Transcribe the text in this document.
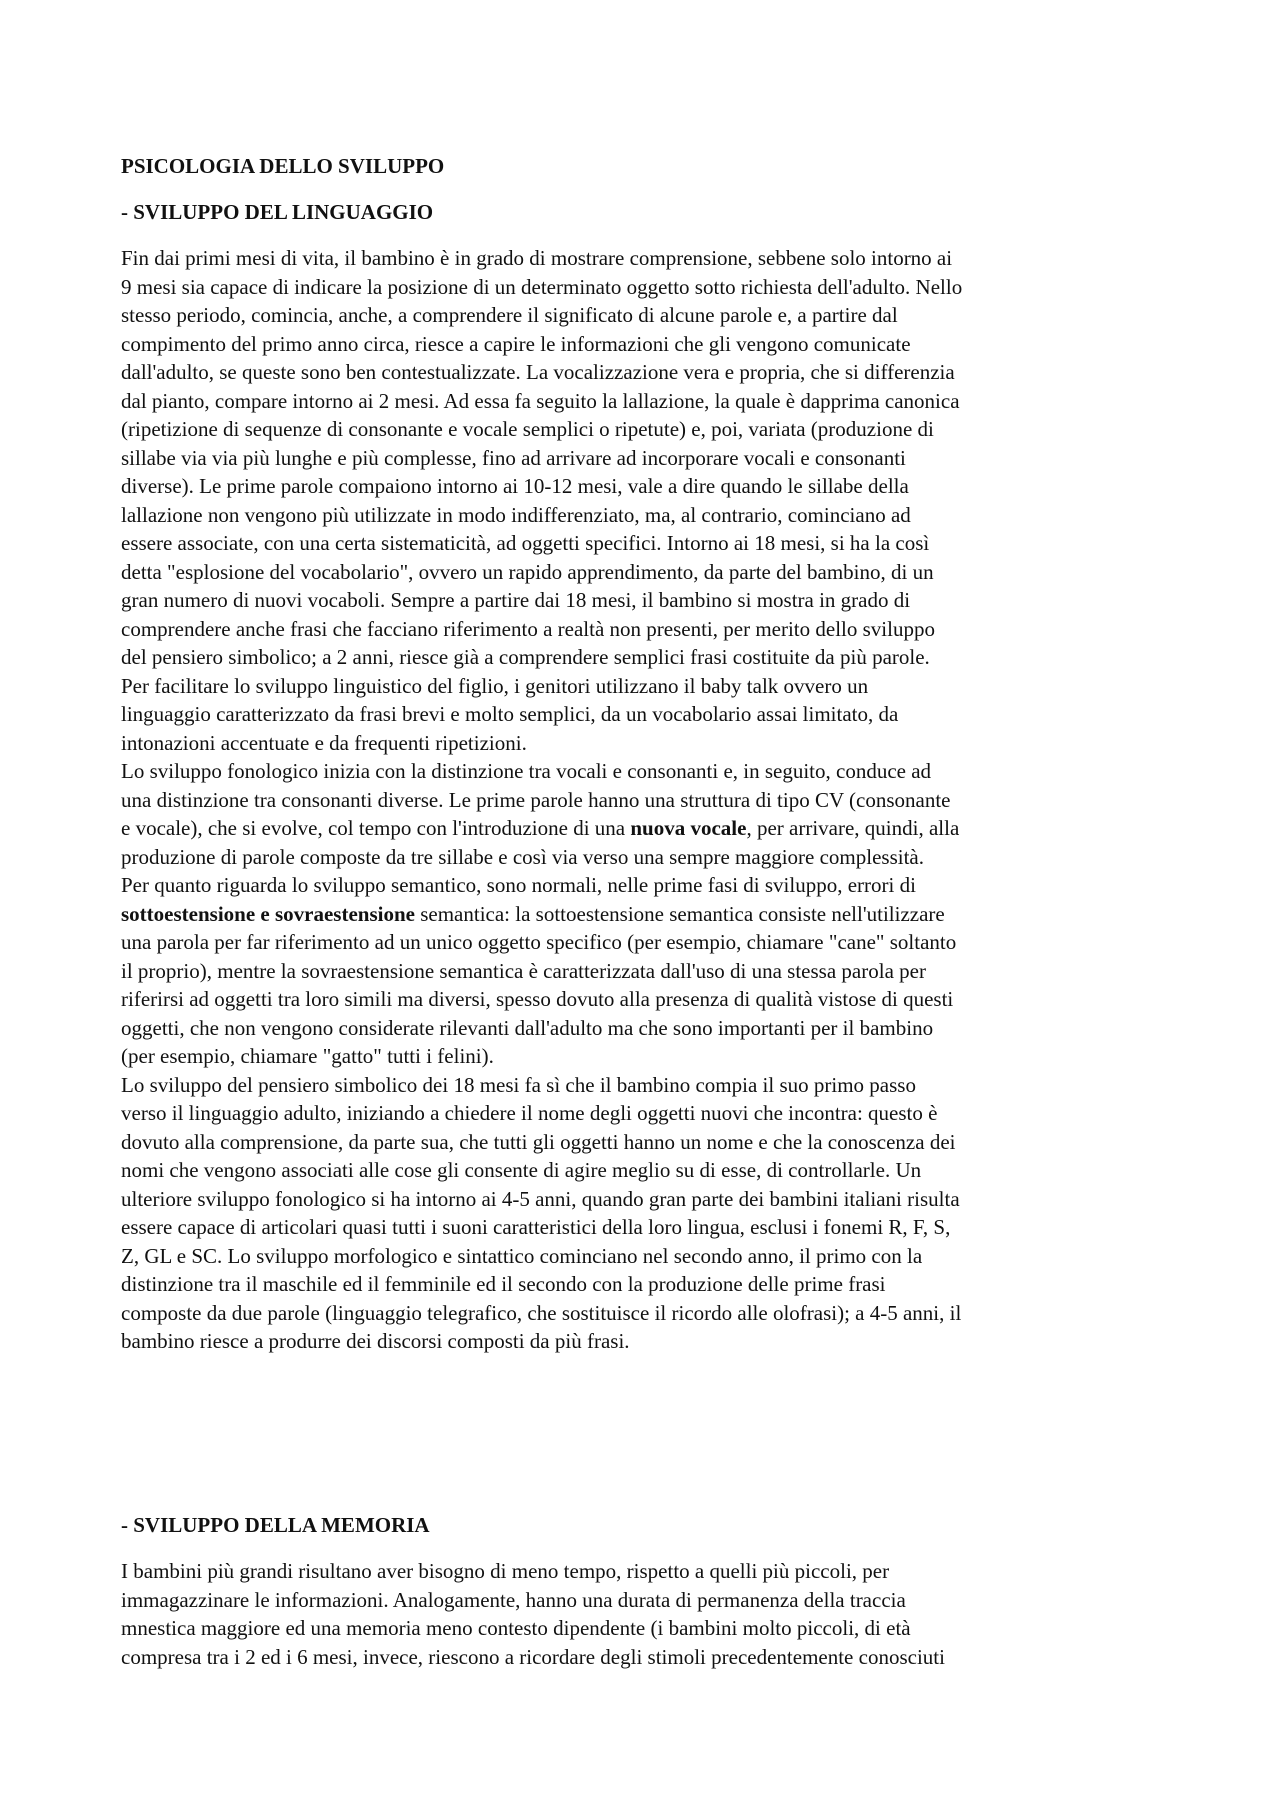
PSICOLOGIA DELLO SVILUPPO
- SVILUPPO DEL LINGUAGGIO
Fin dai primi mesi di vita, il bambino è in grado di mostrare comprensione, sebbene solo intorno ai
9 mesi sia capace di indicare la posizione di un determinato oggetto sotto richiesta dell'adulto. Nello
stesso periodo, comincia, anche, a comprendere il significato di alcune parole e, a partire dal
compimento del primo anno circa, riesce a capire le informazioni che gli vengono comunicate
dall'adulto, se queste sono ben contestualizzate. La vocalizzazione vera e propria, che si differenzia
dal pianto, compare intorno ai 2 mesi. Ad essa fa seguito la lallazione, la quale è dapprima canonica
(ripetizione di sequenze di consonante e vocale semplici o ripetute) e, poi, variata (produzione di
sillabe via via più lunghe e più complesse, fino ad arrivare ad incorporare vocali e consonanti
diverse). Le prime parole compaiono intorno ai 10-12 mesi, vale a dire quando le sillabe della
lallazione non vengono più utilizzate in modo indifferenziato, ma, al contrario, cominciano ad
essere associate, con una certa sistematicità, ad oggetti specifici. Intorno ai 18 mesi, si ha la così
detta "esplosione del vocabolario", ovvero un rapido apprendimento, da parte del bambino, di un
gran numero di nuovi vocaboli. Sempre a partire dai 18 mesi, il bambino si mostra in grado di
comprendere anche frasi che facciano riferimento a realtà non presenti, per merito dello sviluppo
del pensiero simbolico; a 2 anni, riesce già a comprendere semplici frasi costituite da più parole.
Per facilitare lo sviluppo linguistico del figlio, i genitori utilizzano il baby talk ovvero un
linguaggio caratterizzato da frasi brevi e molto semplici, da un vocabolario assai limitato, da
intonazioni accentuate e da frequenti ripetizioni.
Lo sviluppo fonologico inizia con la distinzione tra vocali e consonanti e, in seguito, conduce ad
una distinzione tra consonanti diverse. Le prime parole hanno una struttura di tipo CV (consonante
e vocale), che si evolve, col tempo con l'introduzione di una nuova vocale, per arrivare, quindi, alla
produzione di parole composte da tre sillabe e così via verso una sempre maggiore complessità.
Per quanto riguarda lo sviluppo semantico, sono normali, nelle prime fasi di sviluppo, errori di
sottoestensione e sovraestensione semantica: la sottoestensione semantica consiste nell'utilizzare
una parola per far riferimento ad un unico oggetto specifico (per esempio, chiamare "cane" soltanto
il proprio), mentre la sovraestensione semantica è caratterizzata dall'uso di una stessa parola per
riferirsi ad oggetti tra loro simili ma diversi, spesso dovuto alla presenza di qualità vistose di questi
oggetti, che non vengono considerate rilevanti dall'adulto ma che sono importanti per il bambino
(per esempio, chiamare "gatto" tutti i felini).
Lo sviluppo del pensiero simbolico dei 18 mesi fa sì che il bambino compia il suo primo passo
verso il linguaggio adulto, iniziando a chiedere il nome degli oggetti nuovi che incontra: questo è
dovuto alla comprensione, da parte sua, che tutti gli oggetti hanno un nome e che la conoscenza dei
nomi che vengono associati alle cose gli consente di agire meglio su di esse, di controllarle. Un
ulteriore sviluppo fonologico si ha intorno ai 4-5 anni, quando gran parte dei bambini italiani risulta
essere capace di articolari quasi tutti i suoni caratteristici della loro lingua, esclusi i fonemi R, F, S,
Z, GL e SC. Lo sviluppo morfologico e sintattico cominciano nel secondo anno, il primo con la
distinzione tra il maschile ed il femminile ed il secondo con la produzione delle prime frasi
composte da due parole (linguaggio telegrafico, che sostituisce il ricordo alle olofrasi); a 4-5 anni, il
bambino riesce a produrre dei discorsi composti da più frasi.
- SVILUPPO DELLA MEMORIA
I bambini più grandi risultano aver bisogno di meno tempo, rispetto a quelli più piccoli, per
immagazzinare le informazioni. Analogamente, hanno una durata di permanenza della traccia
mnestica maggiore ed una memoria meno contesto dipendente (i bambini molto piccoli, di età
compresa tra i 2 ed i 6 mesi, invece, riescono a ricordare degli stimoli precedentemente conosciuti
